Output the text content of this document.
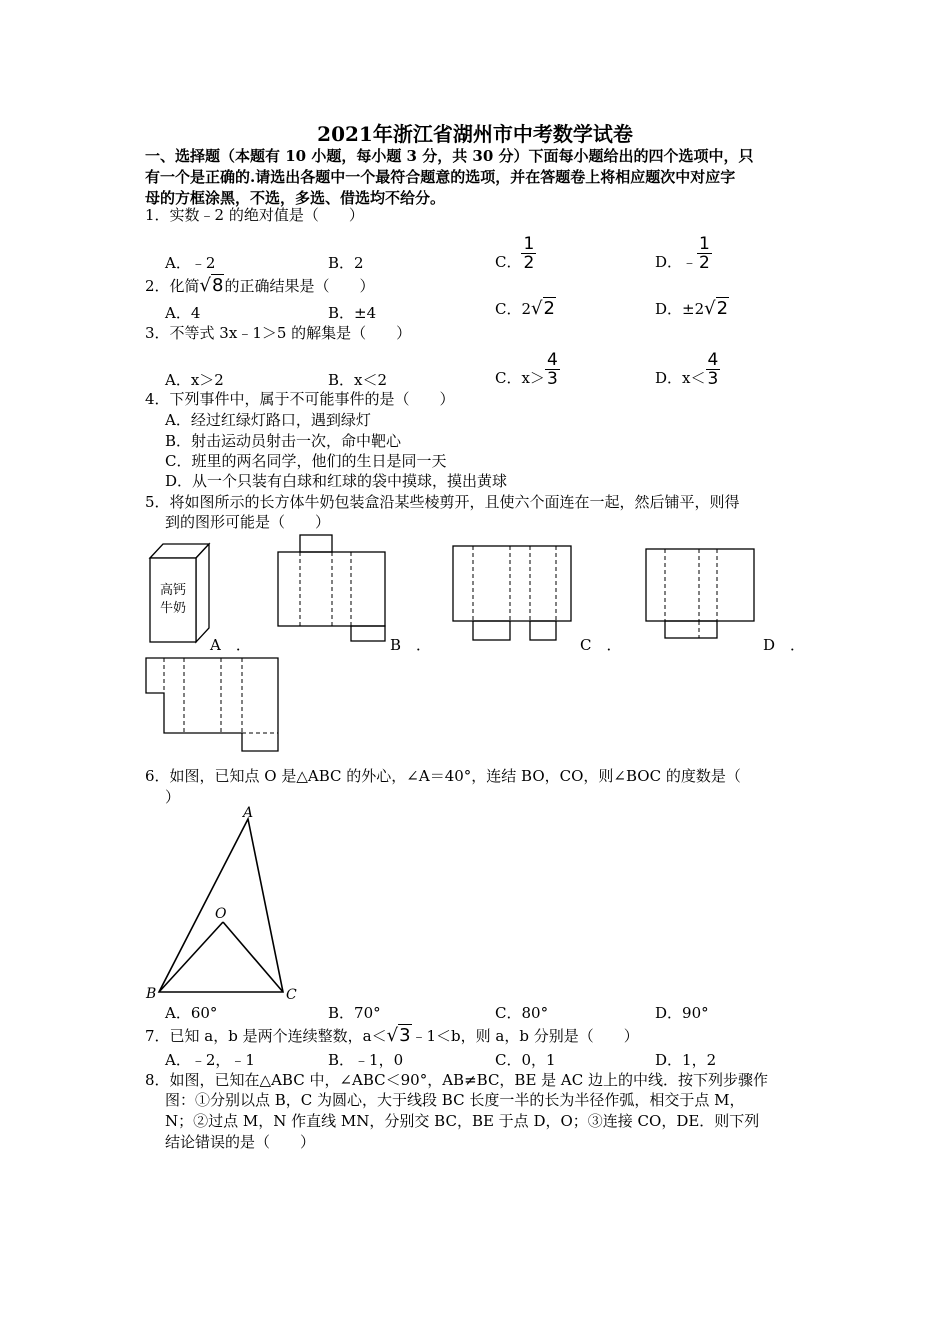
2021年浙江省湖州市中考数学试卷
一、选择题（本题有 10 小题，每小题 3 分，共 30 分）下面每小题给出的四个选项中，只
有一个是正确的.请选出各题中一个最符合题意的选项，并在答题卷上将相应题次中对应字
母的方框涂黑，不选，多选、借选均不给分。
1．实数﹣2 的绝对值是（　　）
A．﹣2	B．2	C． $\frac{1}{2}$	D．﹣ $\frac{1}{2}$
2．化简√8的正确结果是（　　）
A．4	B．±4	C．2√2	D．±2√2
3．不等式 3x﹣1＞5 的解集是（　　）
A．x＞2	B．x＜2	C．$x> \frac{4}{3}$	D．$x< \frac{4}{3}$
4．下列事件中，属于不可能事件的是（　　）
A．经过红绿灯路口，遇到绿灯
B．射击运动员射击一次，命中靶心
C．班里的两名同学，他们的生日是同一天
D．从一个只装有白球和红球的袋中摸球，摸出黄球
5．将如图所示的长方体牛奶包装盒沿某些棱剪开，且使六个面连在一起，然后铺平，则得
到的图形可能是（　　）
高钙
牛奶
A　．	B　．	C　．	D　．
6．如图，已知点 O 是△ABC 的外心，∠A＝40°，连结 BO，CO，则∠BOC 的度数是（
）
A
B	C
O
A．60°	B．70°	C．80°	D．90°
7．已知 a，b 是两个连续整数，a＜√3﹣1＜b，则 a，b 分别是（　　）
A．﹣2，﹣1	B．﹣1，0	C．0，1	D．1，2
8．如图，已知在△ABC 中，∠ABC＜90°，AB≠BC，BE 是 AC 边上的中线．按下列步骤作
图：①分别以点 B，C 为圆心，大于线段 BC 长度一半的长为半径作弧，相交于点 M，
N；②过点 M，N 作直线 MN，分别交 BC，BE 于点 D，O；③连接 CO，DE．则下列
结论错误的是（　　）
